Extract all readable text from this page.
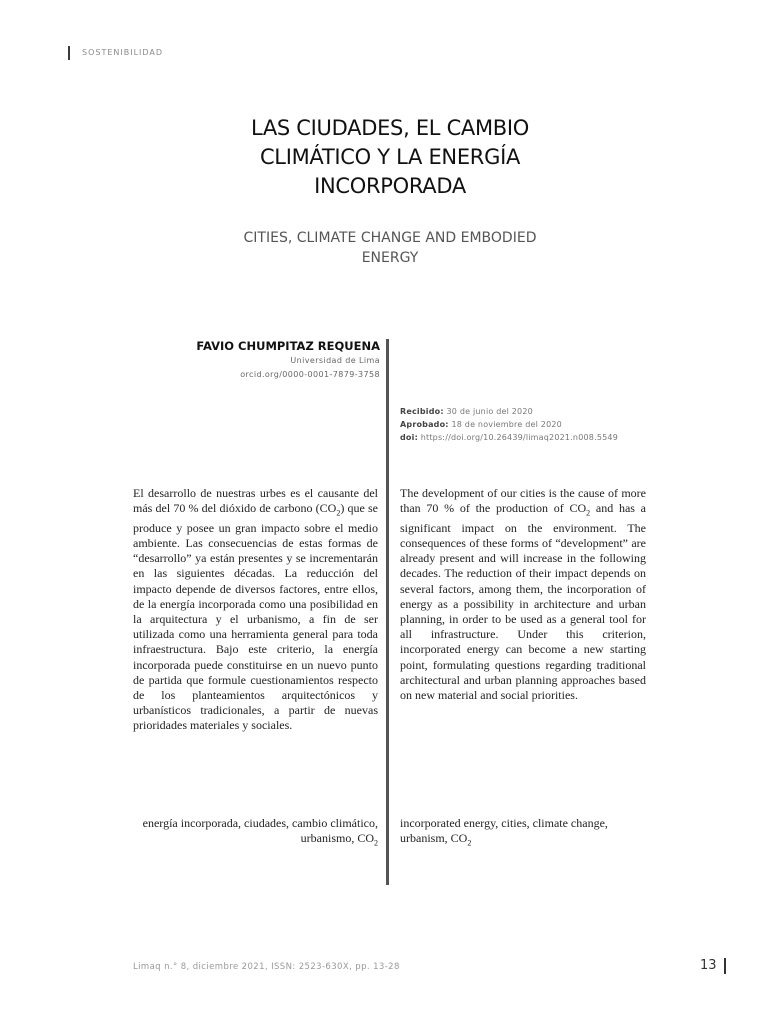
SOSTENIBILIDAD
LAS CIUDADES, EL CAMBIO
CLIMÁTICO Y LA ENERGÍA
INCORPORADA
CITIES, CLIMATE CHANGE AND EMBODIED
ENERGY
FAVIO CHUMPITAZ REQUENA
Universidad de Lima
orcid.org/0000-0001-7879-3758
Recibido: 30 de junio del 2020
Aprobado: 18 de noviembre del 2020
doi: https://doi.org/10.26439/limaq2021.n008.5549
El desarrollo de nuestras urbes es el causante del más del 70 % del dióxido de carbono $(CO_2)$ que se produce y posee un gran impacto sobre el medio ambiente. Las consecuencias de estas formas de “desarrollo” ya están presentes y se incrementarán en las siguientes décadas. La reducción del impacto depende de diversos factores, entre ellos, de la energía incorporada como una posibilidad en la arquitectura y el urbanismo, a fin de ser utilizada como una herramienta general para toda infraestructura. Bajo este criterio, la energía incorporada puede constituirse en un nuevo punto de partida que formule cuestionamientos respecto de los planteamientos arquitectónicos y urbanísticos tradicionales, a partir de nuevas prioridades materiales y sociales.
The development of our cities is the cause of more than 70 % of the production of $CO_2$ and has a significant impact on the environment. The consequences of these forms of “development” are already present and will increase in the following decades. The reduction of their impact depends on several factors, among them, the incorporation of energy as a possibility in architecture and urban planning, in order to be used as a general tool for all infrastructure. Under this criterion, incorporated energy can become a new starting point, formulating questions regarding traditional architectural and urban planning approaches based on new material and social priorities.
energía incorporada, ciudades, cambio climático,
urbanismo, $CO_2$
incorporated energy, cities, climate change,
urbanism, $CO_2$
Limaq n.° 8, diciembre 2021, ISSN: 2523-630X, pp. 13-28	13
